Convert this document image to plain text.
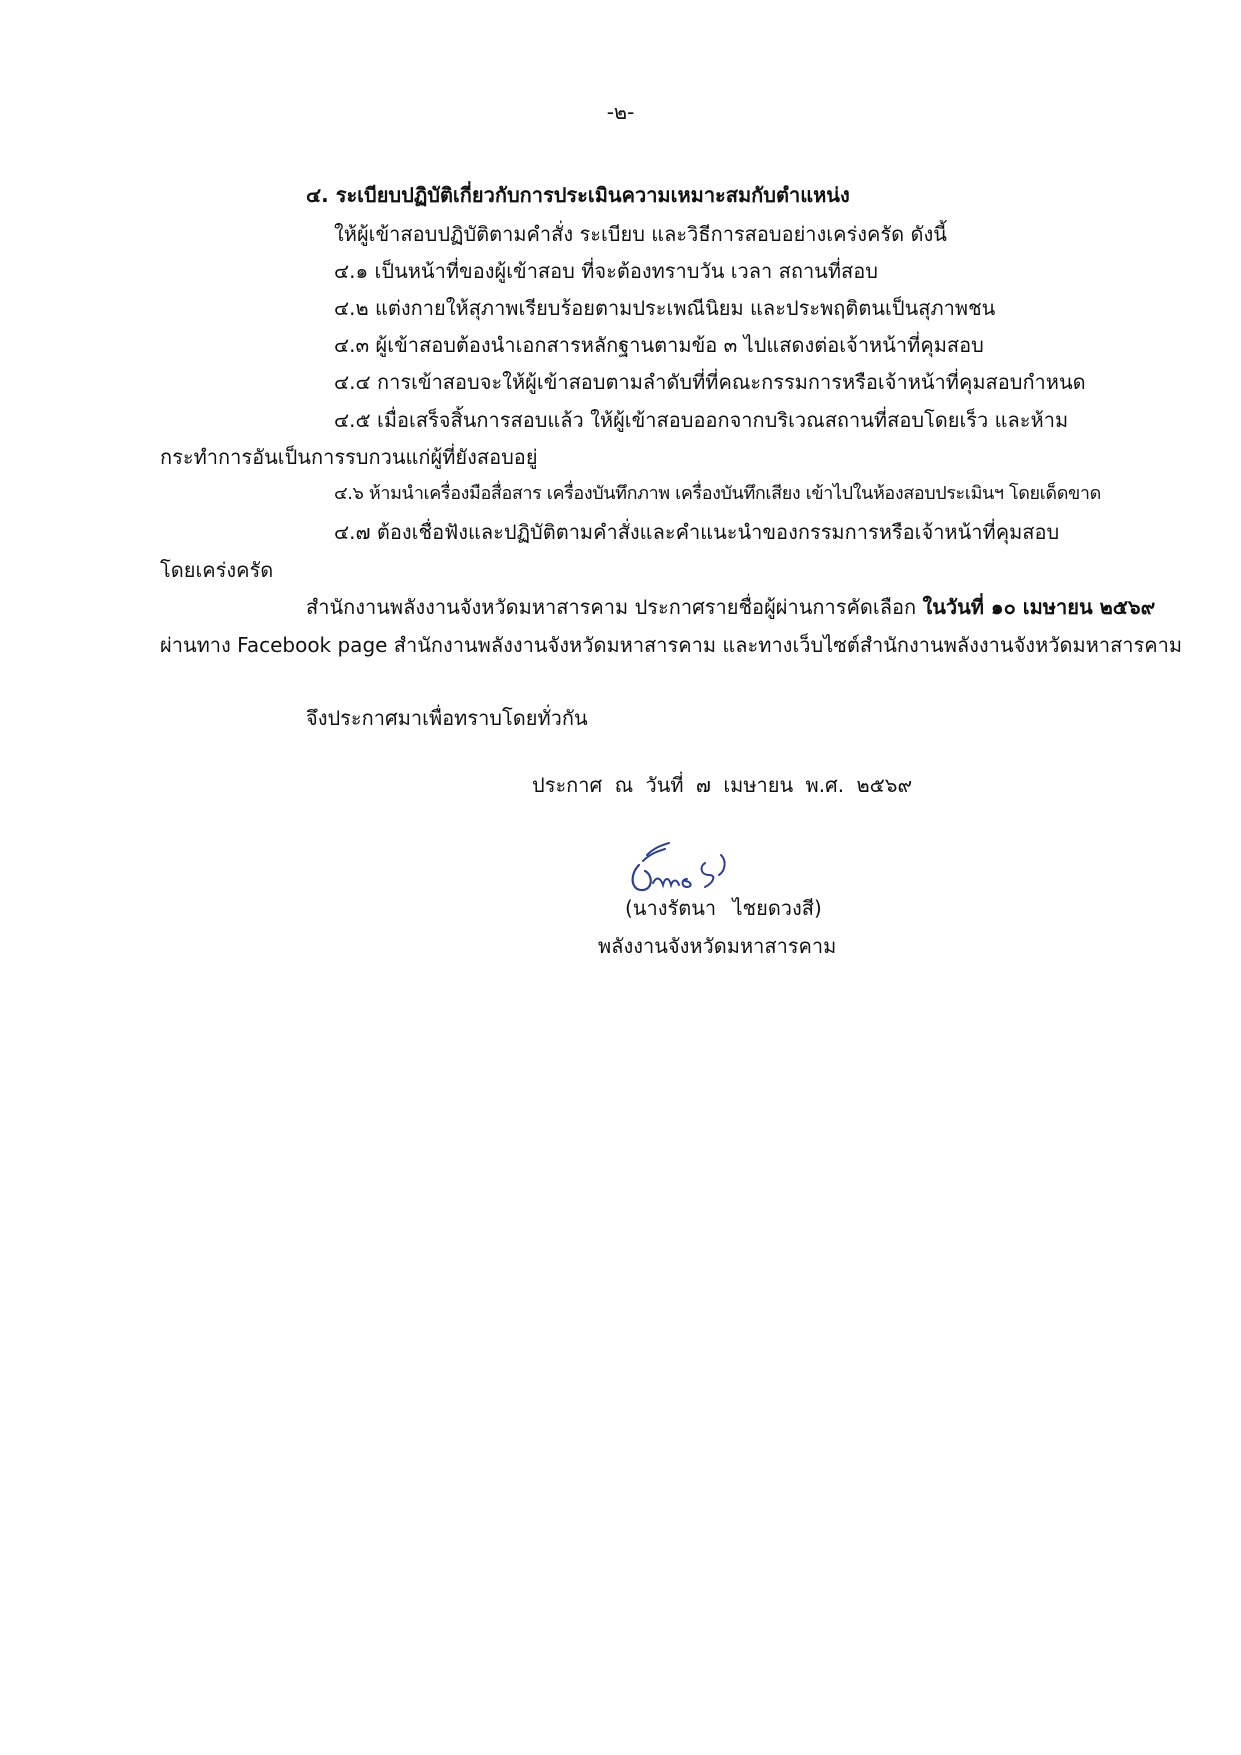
-๒-
๔. ระเบียบปฏิบัติเกี่ยวกับการประเมินความเหมาะสมกับตำแหน่ง
ให้ผู้เข้าสอบปฏิบัติตามคำสั่ง ระเบียบ และวิธีการสอบอย่างเคร่งครัด ดังนี้
๔.๑ เป็นหน้าที่ของผู้เข้าสอบ ที่จะต้องทราบวัน เวลา สถานที่สอบ
๔.๒ แต่งกายให้สุภาพเรียบร้อยตามประเพณีนิยม และประพฤติตนเป็นสุภาพชน
๔.๓ ผู้เข้าสอบต้องนำเอกสารหลักฐานตามข้อ ๓ ไปแสดงต่อเจ้าหน้าที่คุมสอบ
๔.๔ การเข้าสอบจะให้ผู้เข้าสอบตามลำดับที่ที่คณะกรรมการหรือเจ้าหน้าที่คุมสอบกำหนด
๔.๕ เมื่อเสร็จสิ้นการสอบแล้ว ให้ผู้เข้าสอบออกจากบริเวณสถานที่สอบโดยเร็ว และห้าม
กระทำการอันเป็นการรบกวนแก่ผู้ที่ยังสอบอยู่
๔.๖ ห้ามนำเครื่องมือสื่อสาร เครื่องบันทึกภาพ เครื่องบันทึกเสียง เข้าไปในห้องสอบประเมินฯ โดยเด็ดขาด
๔.๗ ต้องเชื่อฟังและปฏิบัติตามคำสั่งและคำแนะนำของกรรมการหรือเจ้าหน้าที่คุมสอบ
โดยเคร่งครัด
สำนักงานพลังงานจังหวัดมหาสารคาม ประกาศรายชื่อผู้ผ่านการคัดเลือก ในวันที่ ๑๐ เมษายน ๒๕๖๙
ผ่านทาง Facebook page สำนักงานพลังงานจังหวัดมหาสารคาม และทางเว็บไซต์สำนักงานพลังงานจังหวัดมหาสารคาม
จึงประกาศมาเพื่อทราบโดยทั่วกัน
ประกาศ ณ วันที่ ๗ เมษายน พ.ศ. ๒๕๖๙
(นางรัตนา ไชยดวงสี)
พลังงานจังหวัดมหาสารคาม
